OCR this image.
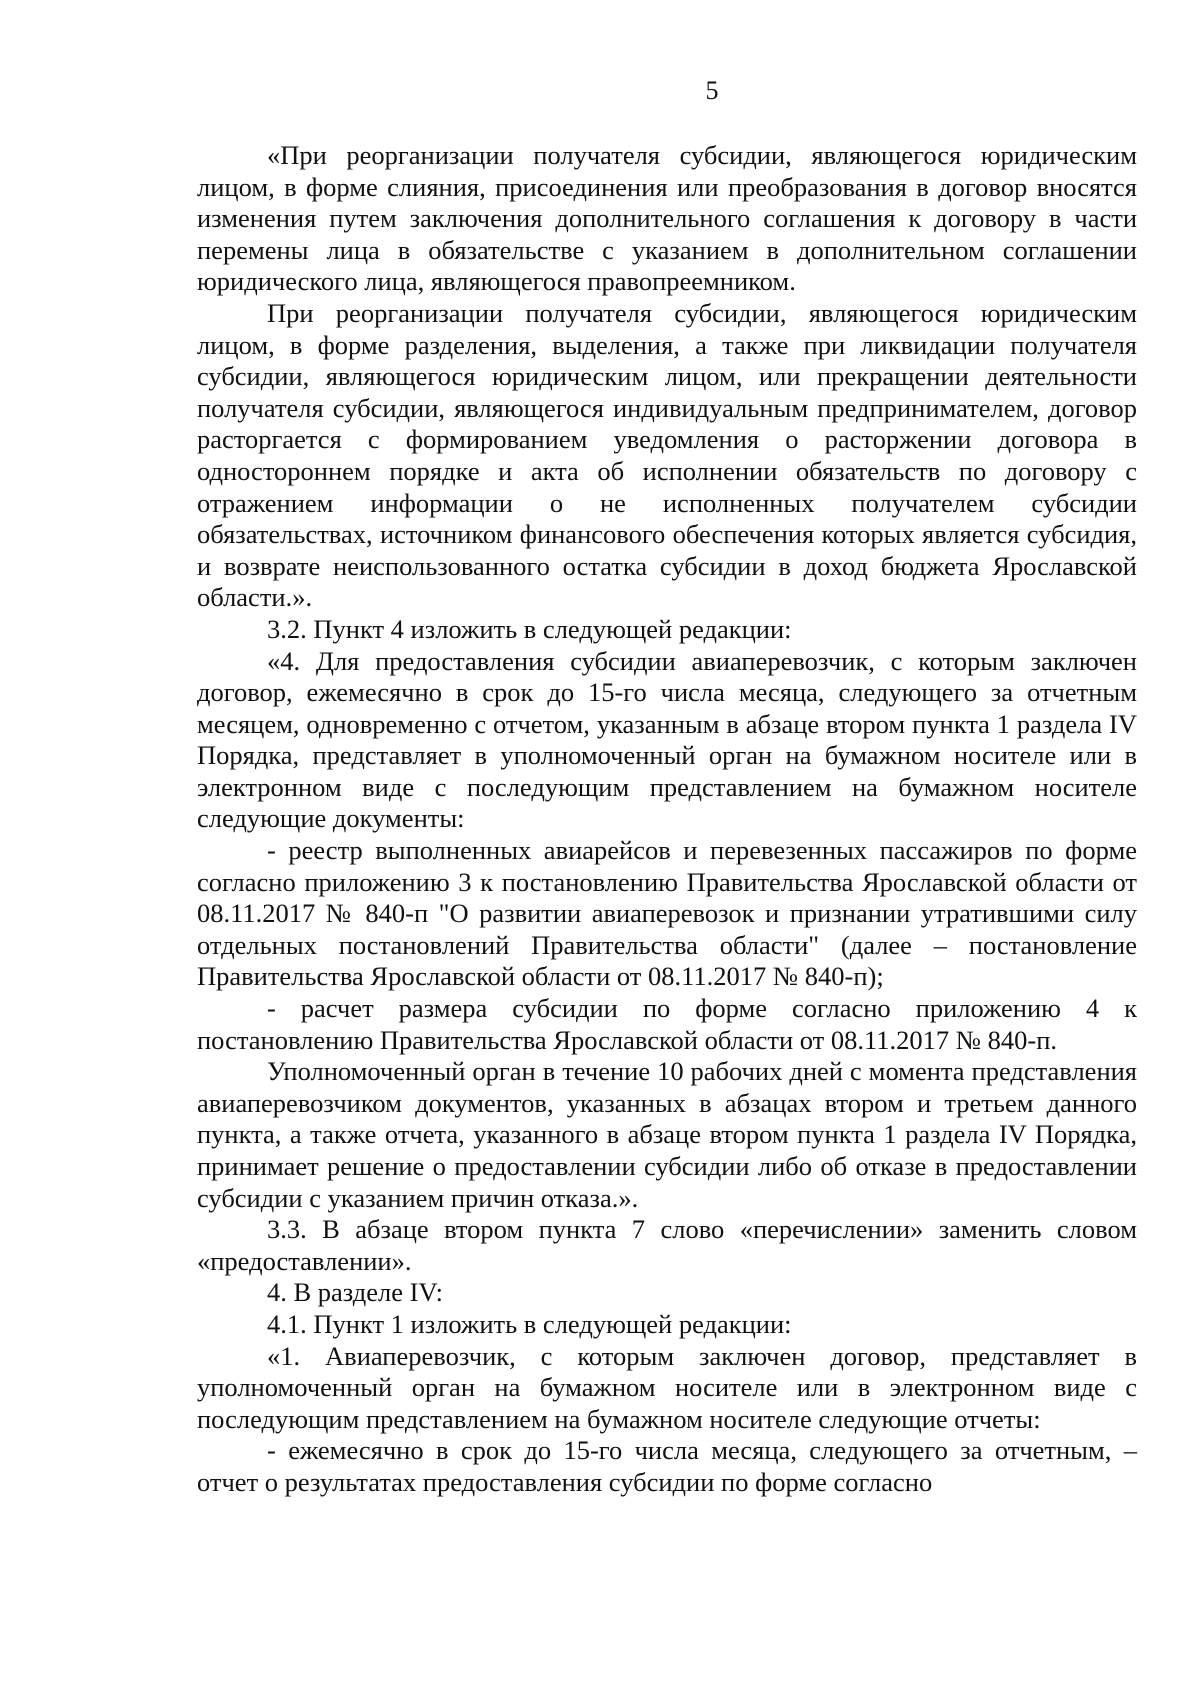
5

«При реорганизации получателя субсидии, являющегося юридическим лицом, в форме слияния, присоединения или преобразования в договор вносятся изменения путем заключения дополнительного соглашения к договору в части перемены лица в обязательстве с указанием в дополнительном соглашении юридического лица, являющегося правопреемником.

При реорганизации получателя субсидии, являющегося юридическим лицом, в форме разделения, выделения, а также при ликвидации получателя субсидии, являющегося юридическим лицом, или прекращении деятельности получателя субсидии, являющегося индивидуальным предпринимателем, договор расторгается с формированием уведомления о расторжении договора в одностороннем порядке и акта об исполнении обязательств по договору с отражением информации о не исполненных получателем субсидии обязательствах, источником финансового обеспечения которых является субсидия, и возврате неиспользованного остатка субсидии в доход бюджета Ярославской области.».

3.2. Пункт 4 изложить в следующей редакции:

«4. Для предоставления субсидии авиаперевозчик, с которым заключен договор, ежемесячно в срок до 15-го числа месяца, следующего за отчетным месяцем, одновременно с отчетом, указанным в абзаце втором пункта 1 раздела IV Порядка, представляет в уполномоченный орган на бумажном носителе или в электронном виде с последующим представлением на бумажном носителе следующие документы:

- реестр выполненных авиарейсов и перевезенных пассажиров по форме согласно приложению 3 к постановлению Правительства Ярославской области от 08.11.2017 № 840-п "О развитии авиаперевозок и признании утратившими силу отдельных постановлений Правительства области" (далее – постановление Правительства Ярославской области от 08.11.2017 № 840-п);

- расчет размера субсидии по форме согласно приложению 4 к постановлению Правительства Ярославской области от 08.11.2017 № 840-п.

Уполномоченный орган в течение 10 рабочих дней с момента представления авиаперевозчиком документов, указанных в абзацах втором и третьем данного пункта, а также отчета, указанного в абзаце втором пункта 1 раздела IV Порядка, принимает решение о предоставлении субсидии либо об отказе в предоставлении субсидии с указанием причин отказа.».

3.3. В абзаце втором пункта 7 слово «перечислении» заменить словом «предоставлении».

4. В разделе IV:

4.1. Пункт 1 изложить в следующей редакции:

«1. Авиаперевозчик, с которым заключен договор, представляет в уполномоченный орган на бумажном носителе или в электронном виде с последующим представлением на бумажном носителе следующие отчеты:

- ежемесячно в срок до 15-го числа месяца, следующего за отчетным, – отчет о результатах предоставления субсидии по форме согласно
